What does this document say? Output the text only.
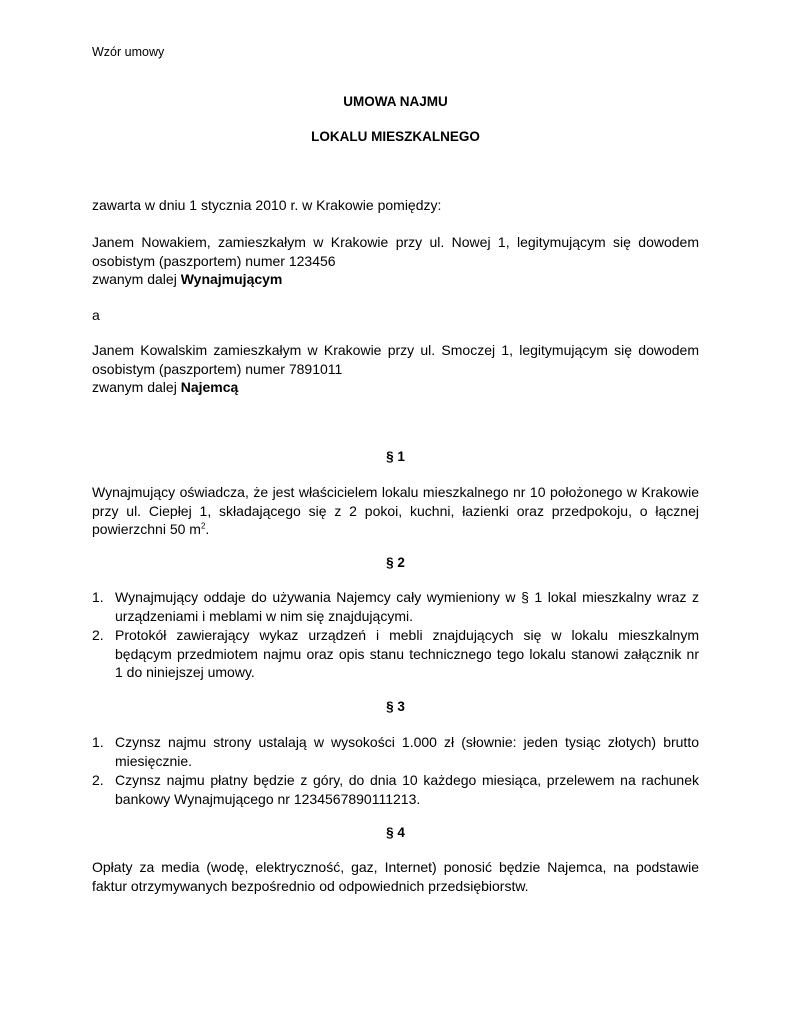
Wzór umowy
UMOWA NAJMU
LOKALU MIESZKALNEGO
zawarta w dniu 1 stycznia 2010 r. w Krakowie pomiędzy:
Janem Nowakiem, zamieszkałym w Krakowie przy ul. Nowej 1, legitymującym się dowodem
osobistym (paszportem) numer 123456
zwanym dalej Wynajmującym
a
Janem Kowalskim zamieszkałym w Krakowie przy ul. Smoczej 1, legitymującym się dowodem
osobistym (paszportem) numer 7891011
zwanym dalej Najemcą
§ 1
Wynajmujący oświadcza, że jest właścicielem lokalu mieszkalnego nr 10 położonego w Krakowie
przy ul. Ciepłej 1, składającego się z 2 pokoi, kuchni, łazienki oraz przedpokoju, o łącznej
powierzchni 50 $m^2$.
§ 2
1. Wynajmujący oddaje do używania Najemcy cały wymieniony w § 1 lokal mieszkalny wraz z
urządzeniami i meblami w nim się znajdującymi.
2. Protokół zawierający wykaz urządzeń i mebli znajdujących się w lokalu mieszkalnym
będącym przedmiotem najmu oraz opis stanu technicznego tego lokalu stanowi załącznik nr
1 do niniejszej umowy.
§ 3
1. Czynsz najmu strony ustalają w wysokości 1.000 zł (słownie: jeden tysiąc złotych) brutto
miesięcznie.
2. Czynsz najmu płatny będzie z góry, do dnia 10 każdego miesiąca, przelewem na rachunek
bankowy Wynajmującego nr 1234567890111213.
§ 4
Opłaty za media (wodę, elektryczność, gaz, Internet) ponosić będzie Najemca, na podstawie
faktur otrzymywanych bezpośrednio od odpowiednich przedsiębiorstw.
